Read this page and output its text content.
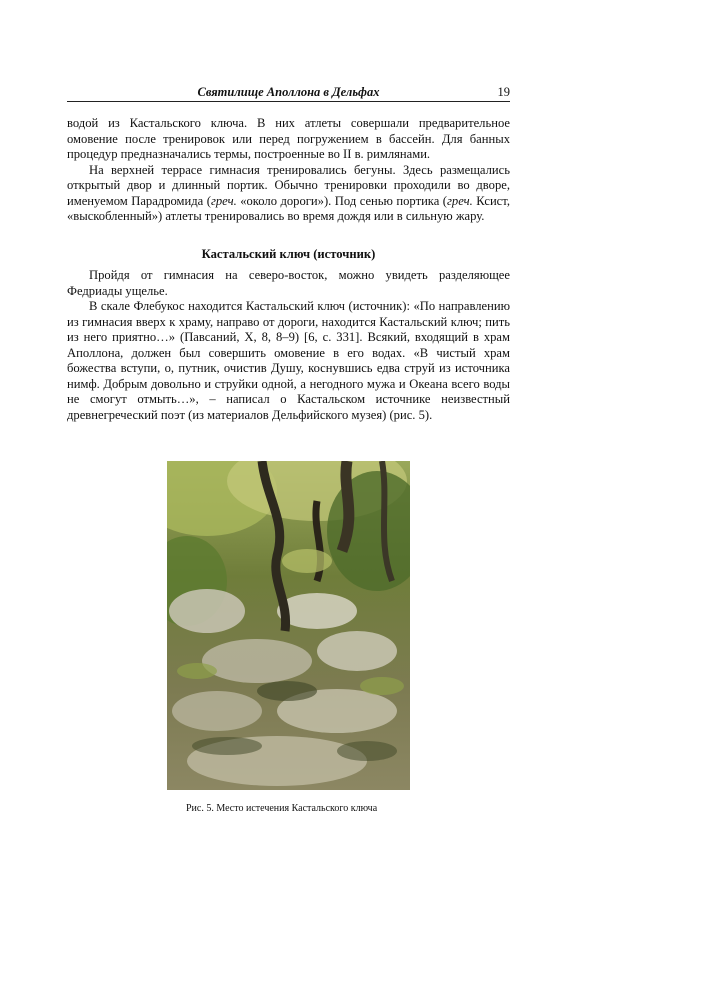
Святилище Аполлона в Дельфах	19

водой из Кастальского ключа. В них атлеты совершали предварительное омовение после тренировок или перед погружением в бассейн. Для банных процедур предназначались термы, построенные во II в. римлянами.

На верхней террасе гимнасия тренировались бегуны. Здесь размещались открытый двор и длинный портик. Обычно тренировки проходили во дворе, именуемом Парадромида (греч. «около дороги»). Под сенью портика (греч. Ксист, «выскобленный») атлеты тренировались во время дождя или в сильную жару.

Кастальский ключ (источник)

Пройдя от гимнасия на северо-восток, можно увидеть разделяющее Федриады ущелье.

В скале Флебукос находится Кастальский ключ (источник): «По направлению из гимнасия вверх к храму, направо от дороги, находится Кастальский ключ; пить из него приятно…» (Павсаний, Х, 8, 8–9) [6, с. 331]. Всякий, входящий в храм Аполлона, должен был совершить омовение в его водах. «В чистый храм божества вступи, о, путник, очистив Душу, коснувшись едва струй из источника нимф. Добрым довольно и струйки одной, а негодного мужа и Океана всего воды не смогут отмыть…», – написал о Кастальском источнике неизвестный древнегреческий поэт (из материалов Дельфийского музея) (рис. 5).

Рис. 5. Место истечения Кастальского ключа
